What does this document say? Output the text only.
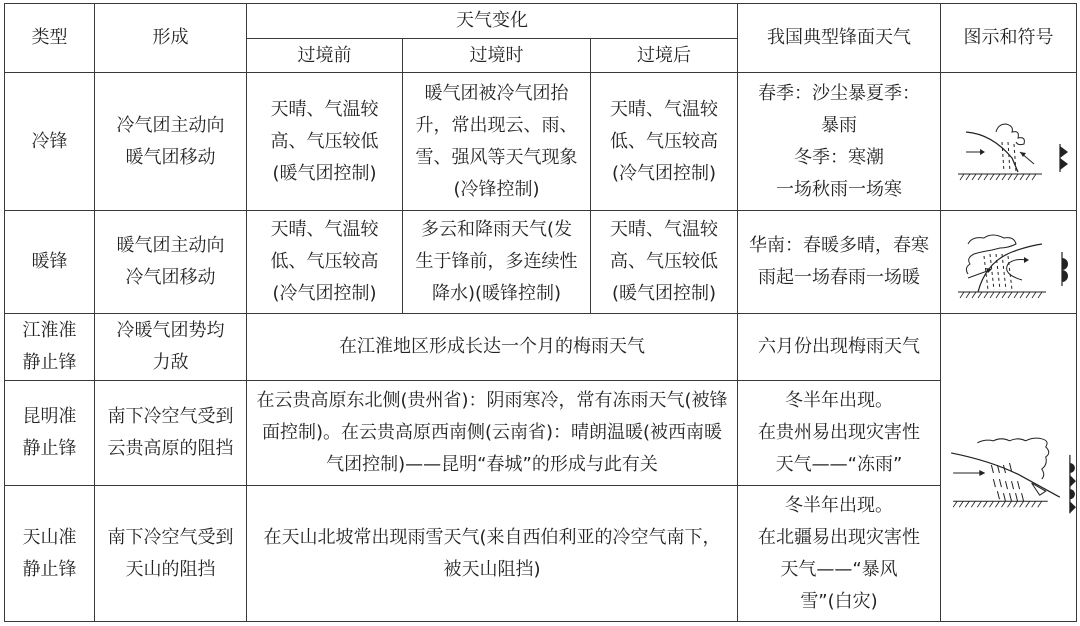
类型	形成	天气变化			我国典型锋面天气	图示和符号
		过境前	过境时	过境后		
冷锋	冷气团主动向暖气团移动	天晴、气温较高、气压较低(暖气团控制)	暖气团被冷气团抬升，常出现云、雨、雪、强风等天气现象(冷锋控制)	天晴、气温较低、气压较高(冷气团控制)	春季：沙尘暴夏季：
暴雨
冬季：寒潮
一场秋雨一场寒

暖锋	暖气团主动向冷气团移动	天晴、气温较低、气压较高(冷气团控制)	多云和降雨天气(发生于锋前，多连续性降水)(暖锋控制)	天晴、气温较高、气压较低(暖气团控制)	华南：春暖多晴，春寒雨起一场春雨一场暖	

江淮准静止锋	冷暖气团势均力敌	在江淮地区形成长达一个月的梅雨天气			六月份出现梅雨天气	

昆明准静止锋	南下冷空气受到云贵高原的阻挡	在云贵高原东北侧(贵州省)：阴雨寒冷，常有冻雨天气(被锋面控制)。在云贵高原西南侧(云南省)：晴朗温暖(被西南暖气团控制)——昆明“春城”的形成与此有关			冬半年出现。
在贵州易出现灾害性
天气——“冻雨”	

天山准静止锋	南下冷空气受到天山的阻挡	在天山北坡常出现雨雪天气(来自西伯利亚的冷空气南下，被天山阻挡)			冬半年出现。
在北疆易出现灾害性
天气——“暴风
雪”(白灾)	
